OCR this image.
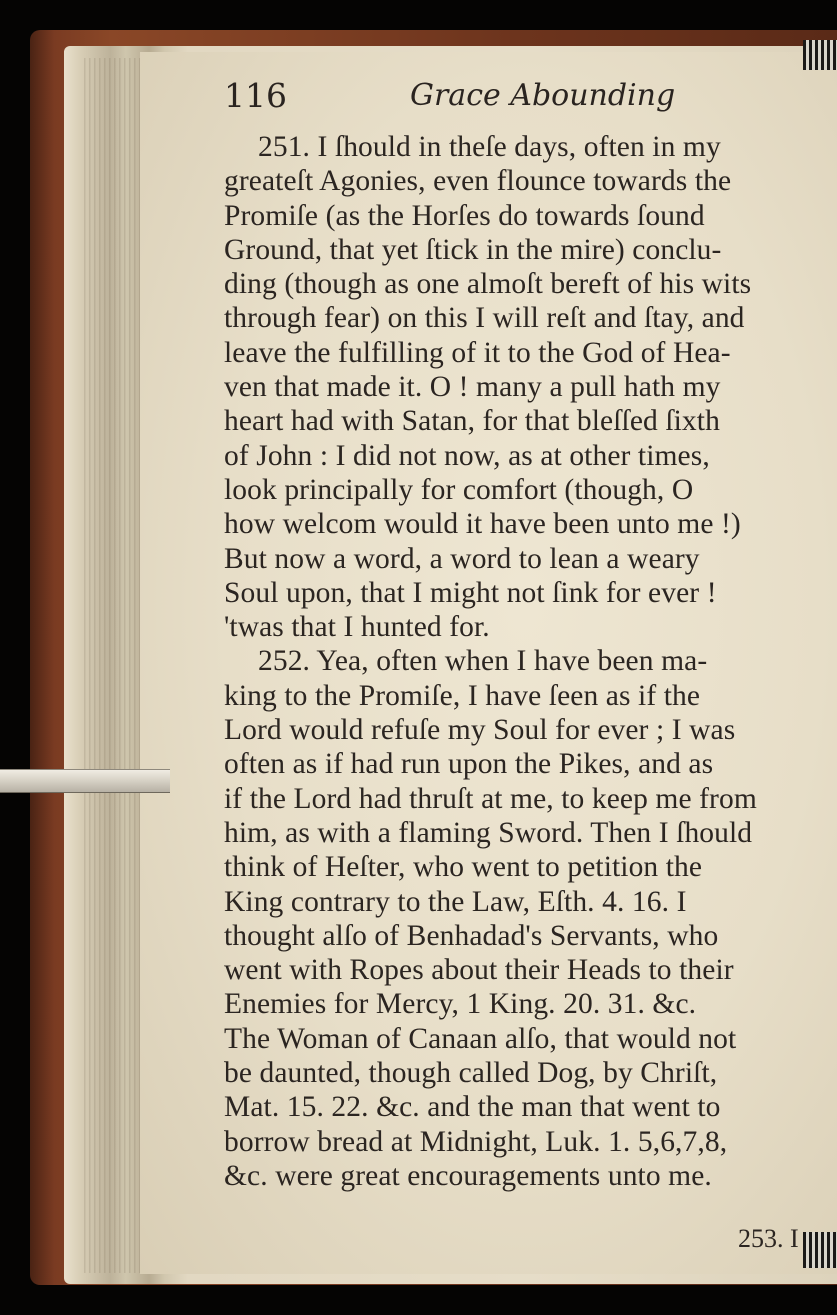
116	Grace Abounding
251. I ſhould in theſe days, often in my
greateſt Agonies, even flounce towards the
Promiſe (as the Horſes do towards ſound
Ground, that yet ſtick in the mire) conclu-
ding (though as one almoſt bereft of his wits
through fear) on this I will reſt and ſtay, and
leave the fulfilling of it to the God of Hea-
ven that made it. O ! many a pull hath my
heart had with Satan, for that bleſſed ſixth
of John : I did not now, as at other times,
look principally for comfort (though, O
how welcom would it have been unto me !)
But now a word, a word to lean a weary
Soul upon, that I might not ſink for ever !
'twas that I hunted for.
252. Yea, often when I have been ma-
king to the Promiſe, I have ſeen as if the
Lord would refuſe my Soul for ever ; I was
often as if had run upon the Pikes, and as
if the Lord had thruſt at me, to keep me from
him, as with a flaming Sword. Then I ſhould
think of Heſter, who went to petition the
King contrary to the Law, Eſth. 4. 16. I
thought alſo of Benhadad's Servants, who
went with Ropes about their Heads to their
Enemies for Mercy, 1 King. 20. 31. &c.
The Woman of Canaan alſo, that would not
be daunted, though called Dog, by Chriſt,
Mat. 15. 22. &c. and the man that went to
borrow bread at Midnight, Luk. 1. 5,6,7,8,
&c. were great encouragements unto me.
253. I
